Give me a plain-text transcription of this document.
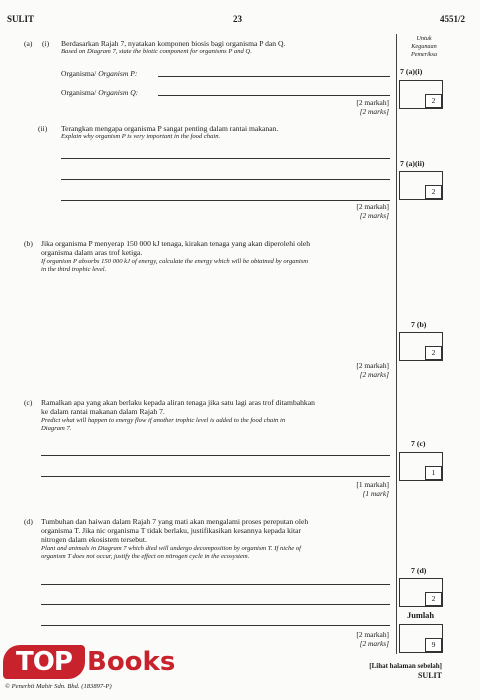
SULIT	23	4551/2
Untuk
Kegunaan
Pemeriksa
(a) (i) Berdasarkan Rajah 7, nyatakan komponen biosis bagi organisma P dan Q.
Based on Diagram 7, state the biotic component for organisms P and Q.
Organisma/ Organism P:
Organisma/ Organism Q:
[2 markah]
[2 marks]
7 (a)(i)
2
(ii) Terangkan mengapa organisma P sangat penting dalam rantai makanan.
Explain why organism P is very important in the food chain.
[2 markah]
[2 marks]
7 (a)(ii)
2
(b) Jika organisma P menyerap 150 000 kJ tenaga, kirakan tenaga yang akan diperolehi oleh
organisma dalam aras trof ketiga.
If organism P absorbs 150 000 kJ of energy, calculate the energy which will be obtained by organism
in the third trophic level.
[2 markah]
[2 marks]
7 (b)
2
(c) Ramalkan apa yang akan berlaku kepada aliran tenaga jika satu lagi aras trof ditambahkan
ke dalam rantai makanan dalam Rajah 7.
Predict what will happen to energy flow if another trophic level is added to the food chain in
Diagram 7.
[1 markah]
[1 mark]
7 (c)
1
(d) Tumbuhan dan haiwan dalam Rajah 7 yang mati akan mengalami proses pereputan oleh
organisma T. Jika nic organisma T tidak berlaku, justifikasikan kesannya kepada kitar
nitrogen dalam ekosistem tersebut.
Plant and animals in Diagram 7 which died will undergo decomposition by organism T. If niche of
organism T does not occur, justify the effect on nitrogen cycle in the ecosystem.
[2 markah]
[2 marks]
7 (d)
2
Jumlah
9
[Lihat halaman sebelah]
SULIT
TOP Books
© Penerbit Mahir Sdn. Bhd. (183897-P)
